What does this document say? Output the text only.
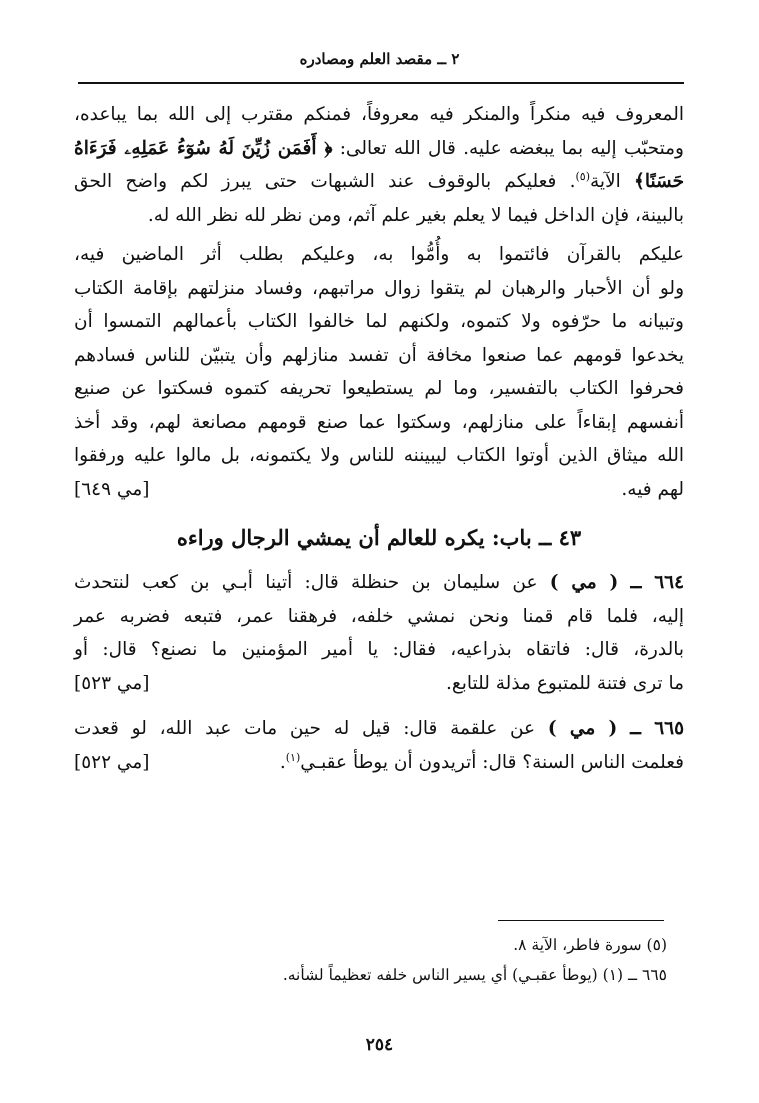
٢ ــ مقصد العلم ومصادره

المعروف فيه منكراً والمنكر فيه معروفاً، فمنكم مقترب إلى الله بما يباعده،

ومتحبّب إليه بما يبغضه عليه. قال الله تعالى: ﴿ أَفَمَن زُيِّنَ لَهُ سُوٓءُ عَمَلِهِۦ فَرَءَاهُ

حَسَنًا﴾ الآية$^{(٥)}$. فعليكم بالوقوف عند الشبهات حتى يبرز لكم واضح الحق

بالبينة، فإن الداخل فيما لا يعلم بغير علم آثم، ومن نظر لله نظر الله له.

عليكم بالقرآن فائتموا به وأُمُّوا به، وعليكم بطلب أثر الماضين فيه،

ولو أن الأحبار والرهبان لم يتقوا زوال مراتبهم، وفساد منزلتهم بإقامة الكتاب

وتبيانه ما حرّفوه ولا كتموه، ولكنهم لما خالفوا الكتاب بأعمالهم التمسوا أن

يخدعوا قومهم عما صنعوا مخافة أن تفسد منازلهم وأن يتبيّن للناس فسادهم

فحرفوا الكتاب بالتفسير، وما لم يستطيعوا تحريفه كتموه فسكتوا عن صنيع

أنفسهم إبقاءاً على منازلهم، وسكتوا عما صنع قومهم مصانعة لهم، وقد أخذ

الله ميثاق الذين أوتوا الكتاب ليبيننه للناس ولا يكتمونه، بل مالوا عليه ورفقوا

لهم فيه.
[مي ٦٤٩]

٤٣ ــ باب: يكره للعالم أن يمشي الرجال وراءه

٦٦٤ ــ ( مي ) عن سليمان بن حنظلة قال: أتينا أبـي بن كعب لنتحدث

إليه، فلما قام قمنا ونحن نمشي خلفه، فرهقنا عمر، فتبعه فضربه عمر

بالدرة، قال: فاتقاه بذراعيه، فقال: يا أمير المؤمنين ما نصنع؟ قال: أو

ما ترى فتنة للمتبوع مذلة للتابع.
[مي ٥٢٣]

٦٦٥ ــ ( مي ) عن علقمة قال: قيل له حين مات عبد الله، لو قعدت

فعلمت الناس السنة؟ قال: أتريدون أن يوطأ عقبـي$^{(١)}$.
[مي ٥٢٢]

(٥) سورة فاطر، الآية ٨.

٦٦٥ ــ (١) (يوطأ عقبـي) أي يسير الناس خلفه تعظيماً لشأنه.

٢٥٤
